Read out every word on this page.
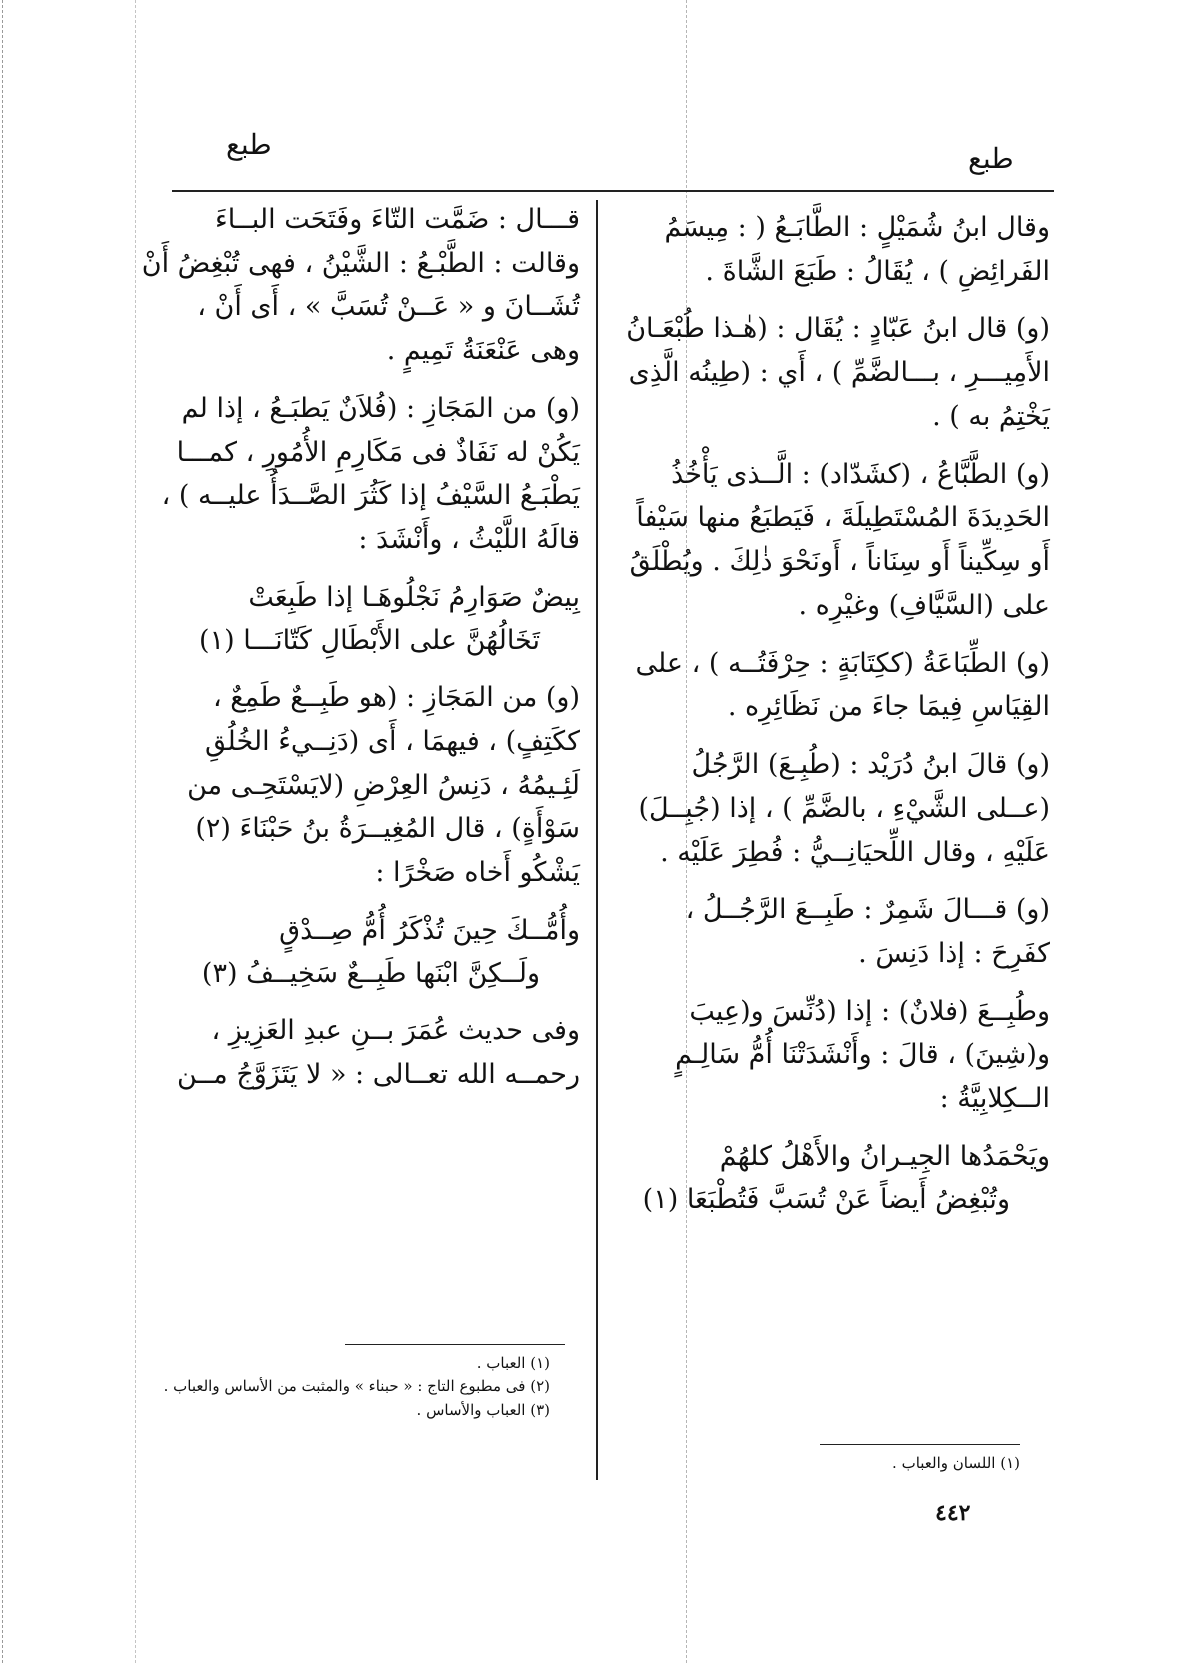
طبع
طبع

وقال ابنُ شُمَيْلٍ : الطَّابَـعُ ( : مِيسَمُ الفَرائِضِ ) ، يُقَالُ : طَبَعَ الشَّاةَ .

(و) قال ابنُ عَبّادٍ : يُقَال : (هٰـذا طُبْعَـانُ الأَمِيـــرِ ، بـــالضَّمِّ ) ، أَي : (طِينُه الَّذِى يَخْتِمُ به ) .

(و) الطَّبَّاعُ ، (كشَدّاد) : الَّــذى يَأْخُذُ الحَدِيدَةَ المُسْتَطِيلَةَ ، فَيَطبَعُ منها سَيْفاً أَو سِكِّيناً أَو سِنَاناً ، أَونَحْوَ ذٰلِكَ . ويُطْلَقُ على (السَّيَّافِ) وغيْرِه .

(و) الطِّبَاعَةُ (ككِتَابَةٍ : حِرْفَتُــه ) ، على القِيَاسِ فِيمَا جاءَ من نَظَائِرِه .

(و) قالَ ابنُ دُرَيْد : (طُبِـعَ) الرَّجُلُ (عــلى الشَّيْءِ ، بالضَّمِّ ) ، إذا (جُبِــلَ) عَلَيْهِ ، وقال اللِّحيَانِــيُّ : فُطِرَ عَلَيْه .

(و) قـــالَ شَمِرٌ : طَبِــعَ الرَّجُــلُ ، كفَرِحَ : إذا دَنِسَ .

وطُبِــعَ (فلانٌ) : إذا (دُنِّسَ و(عِيبَ و(شِينَ) ، قالَ : وأَنْشَدَتْنَا أُمُّ سَالِـمٍ الــكِلابِيَّةُ :

ويَحْمَدُها الجِيـرانُ والأَهْلُ كلهُمْ
وتُبْغِضُ أَيضاً عَنْ تُسَبَّ فَتُطْبَعَا (١)
(١) اللسان والعباب .

قـــال : ضَمَّت التّاءَ وفَتَحَت البــاءَ وقالت : الطَّبْـعُ : الشَّيْنُ ، فهى تُبْغِضُ أَنْ تُشَــانَ و « عَــنْ تُسَبَّ » ، أَى أَنْ ، وهى عَنْعَنَةُ تَمِيمٍ .

(و) من المَجَازِ : (فُلاَنٌ يَطبَـعُ ، إذا لم يَكُنْ له نَفَاذٌ فى مَكَارِمِ الأُمُورِ ، كمـــا يَطْبَـعُ السَّيْفُ إذا كَثُرَ الصَّــدَأُ عليــه ) ، قالَهُ اللَّيْثُ ، وأَنْشَدَ :

بِيضٌ صَوَارِمُ نَجْلُوهَـا إذا طَبِعَتْ
تَخَالُهُنَّ على الأَبْطَالِ كَتّانَـــا (١)

(و) من المَجَازِ : (هو طَبِــعٌ طَمِعٌ ، ككَتِفٍ) ، فيهمَا ، أَى (دَنِــيءُ الخُلُقِ لَئِـيمُهُ ، دَنِسُ العِرْضِ (لايَسْتَحِـى من سَوْأَةٍ) ، قال المُغِيــرَةُ بنُ حَبْنَاءَ (٢) يَشْكُو أَخاه صَخْرًا :

وأُمُّــكَ حِينَ تُذْكَرُ أُمُّ صِــدْقٍ
ولَــكِنَّ ابْنَها طَبِــعٌ سَخِيــفُ (٣)

وفى حديث عُمَرَ بــنِ عبدِ العَزِيزِ ، رحمــه الله تعــالى : « لا يَتَزَوَّجُ مــن

(١) العباب .
(٢) فى مطبوع التاج : « حبناء » والمثبت من الأساس والعباب .
(٣) العباب والأساس .
٤٤٢
